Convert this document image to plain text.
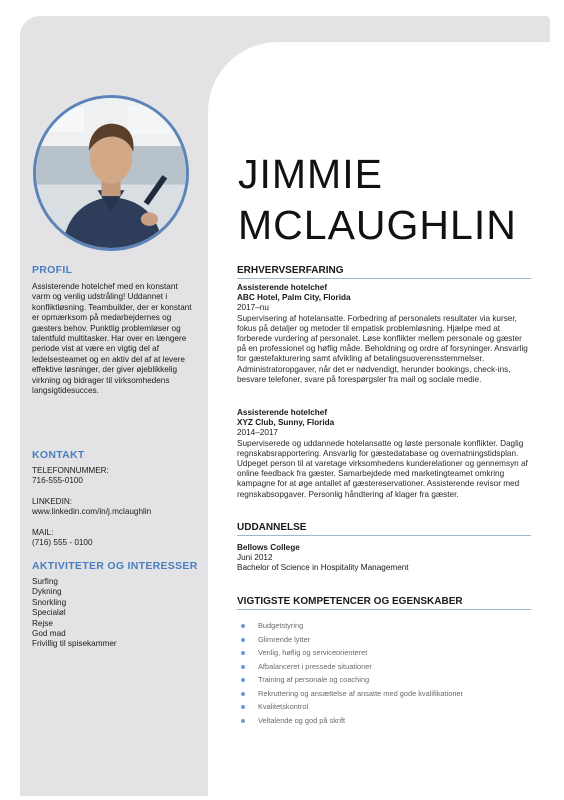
PROFIL

Assisterende hotelchef med en konstant varm og venlig udstråling! Uddannet i konfliktløsning. Teambuilder, der er konstant er opmærksom på medarbejdernes og gæsters behov. Punktlig problemløser og talentfuld multitasker. Har over en længere periode vist at være en vigtig del af ledelsesteamet og en aktiv del af at levere effektive løsninger, der giver øjeblikkelig virkning og bidrager til virksomhedens langsigtidesucces.

KONTAKT

TELEFONNUMMER:

716-555-0100

LINKEDIN:

www.linkedin.com/in/j.mclaughlin

MAIL:

(716) 555 - 0100

AKTIVITETER OG INTERESSER

Surfing

Dykning

Snorkling

Specialøl

Rejse

God mad

Frivillig til spisekammer

JIMMIE
MCLAUGHLIN
ERHVERVSERFARING
Assisterende hotelchef
ABC Hotel, Palm City, Florida
2017–nu
Supervisering af hotelansatte. Forbedring af personalets resultater via kurser, fokus på detaljer og metoder til empatisk problemløsning. Hjælpe med at forberede vurdering af personalet. Løse konflikter mellem personale og gæster på en professionel og høflig måde. Beholdning og ordre af forsyninger. Ansvarlig for gæstefakturering samt afvikling af betalingsuoverensstemmelser. Administratoropgaver, når det er nødvendigt, herunder bookings, check-ins, besvare telefoner, svare på forespørgsler fra mail og sociale medie.
Assisterende hotelchef
XYZ Club, Sunny, Florida
2014–2017
Superviserede og uddannede hotelansatte og løste personale konflikter. Daglig regnskabsrapportering. Ansvarlig for gæstedatabase og overnatningstidsplan. Udpeget person til at varetage virksomhedens kunderelationer og gennemsyn af online feedback fra gæster. Samarbejdede med marketingteamet omkring kampagne for at øge antallet af gæstereservationer. Assisterende revisor med regnskabsopgaver. Personlig håndtering af klager fra gæster.
UDDANNELSE
Bellows College
Juni 2012
Bachelor of Science in Hospitality Management
VIGTIGSTE KOMPETENCER OG EGENSKABER
Budgetstyring
Glimrende lytter
Venlig, høflig og serviceorienteret
Afbalanceret i pressede situationer
Training af personale og coaching
Rekruttering og ansættelse af ansatte med gode kvalifikationer
Kvalitetskontrol
Veltalende og god på skrift
